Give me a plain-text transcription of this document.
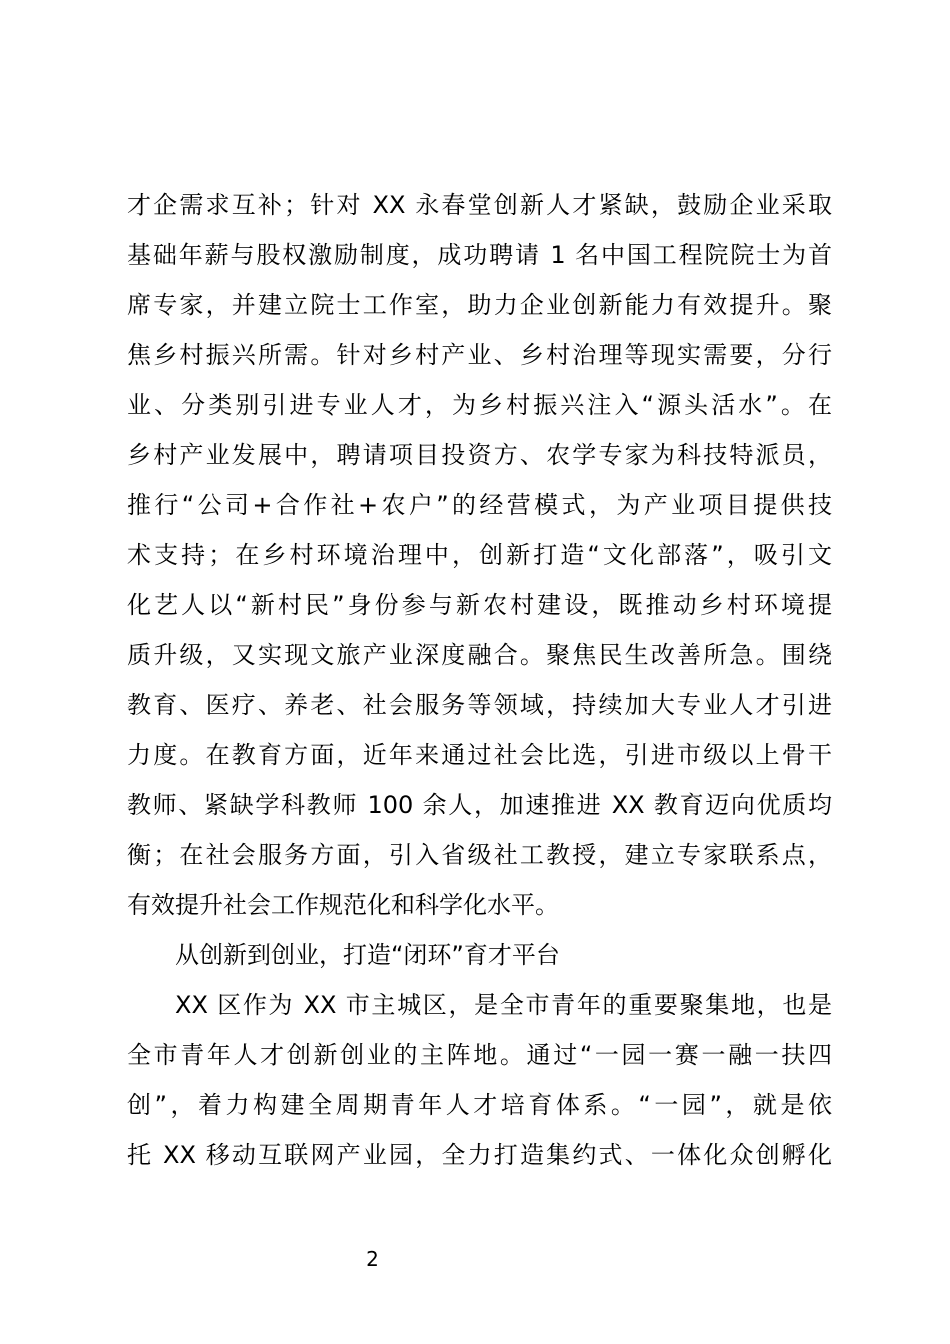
才企需求互补；针对 XX 永春堂创新人才紧缺，鼓励企业采取
基础年薪与股权激励制度，成功聘请 1 名中国工程院院士为首
席专家，并建立院士工作室，助力企业创新能力有效提升。聚
焦乡村振兴所需。针对乡村产业、乡村治理等现实需要，分行
业、分类别引进专业人才，为乡村振兴注入“源头活水”。在
乡村产业发展中，聘请项目投资方、农学专家为科技特派员，
推行“公司+合作社+农户”的经营模式，为产业项目提供技
术支持；在乡村环境治理中，创新打造“文化部落”，吸引文
化艺人以“新村民”身份参与新农村建设，既推动乡村环境提
质升级，又实现文旅产业深度融合。聚焦民生改善所急。围绕
教育、医疗、养老、社会服务等领域，持续加大专业人才引进
力度。在教育方面，近年来通过社会比选，引进市级以上骨干
教师、紧缺学科教师 100 余人，加速推进 XX 教育迈向优质均
衡；在社会服务方面，引入省级社工教授，建立专家联系点，
有效提升社会工作规范化和科学化水平。
从创新到创业，打造“闭环”育才平台
XX 区作为 XX 市主城区，是全市青年的重要聚集地，也是
全市青年人才创新创业的主阵地。通过“一园一赛一融一扶四
创”，着力构建全周期青年人才培育体系。“一园”，就是依
托 XX 移动互联网产业园，全力打造集约式、一体化众创孵化
2
